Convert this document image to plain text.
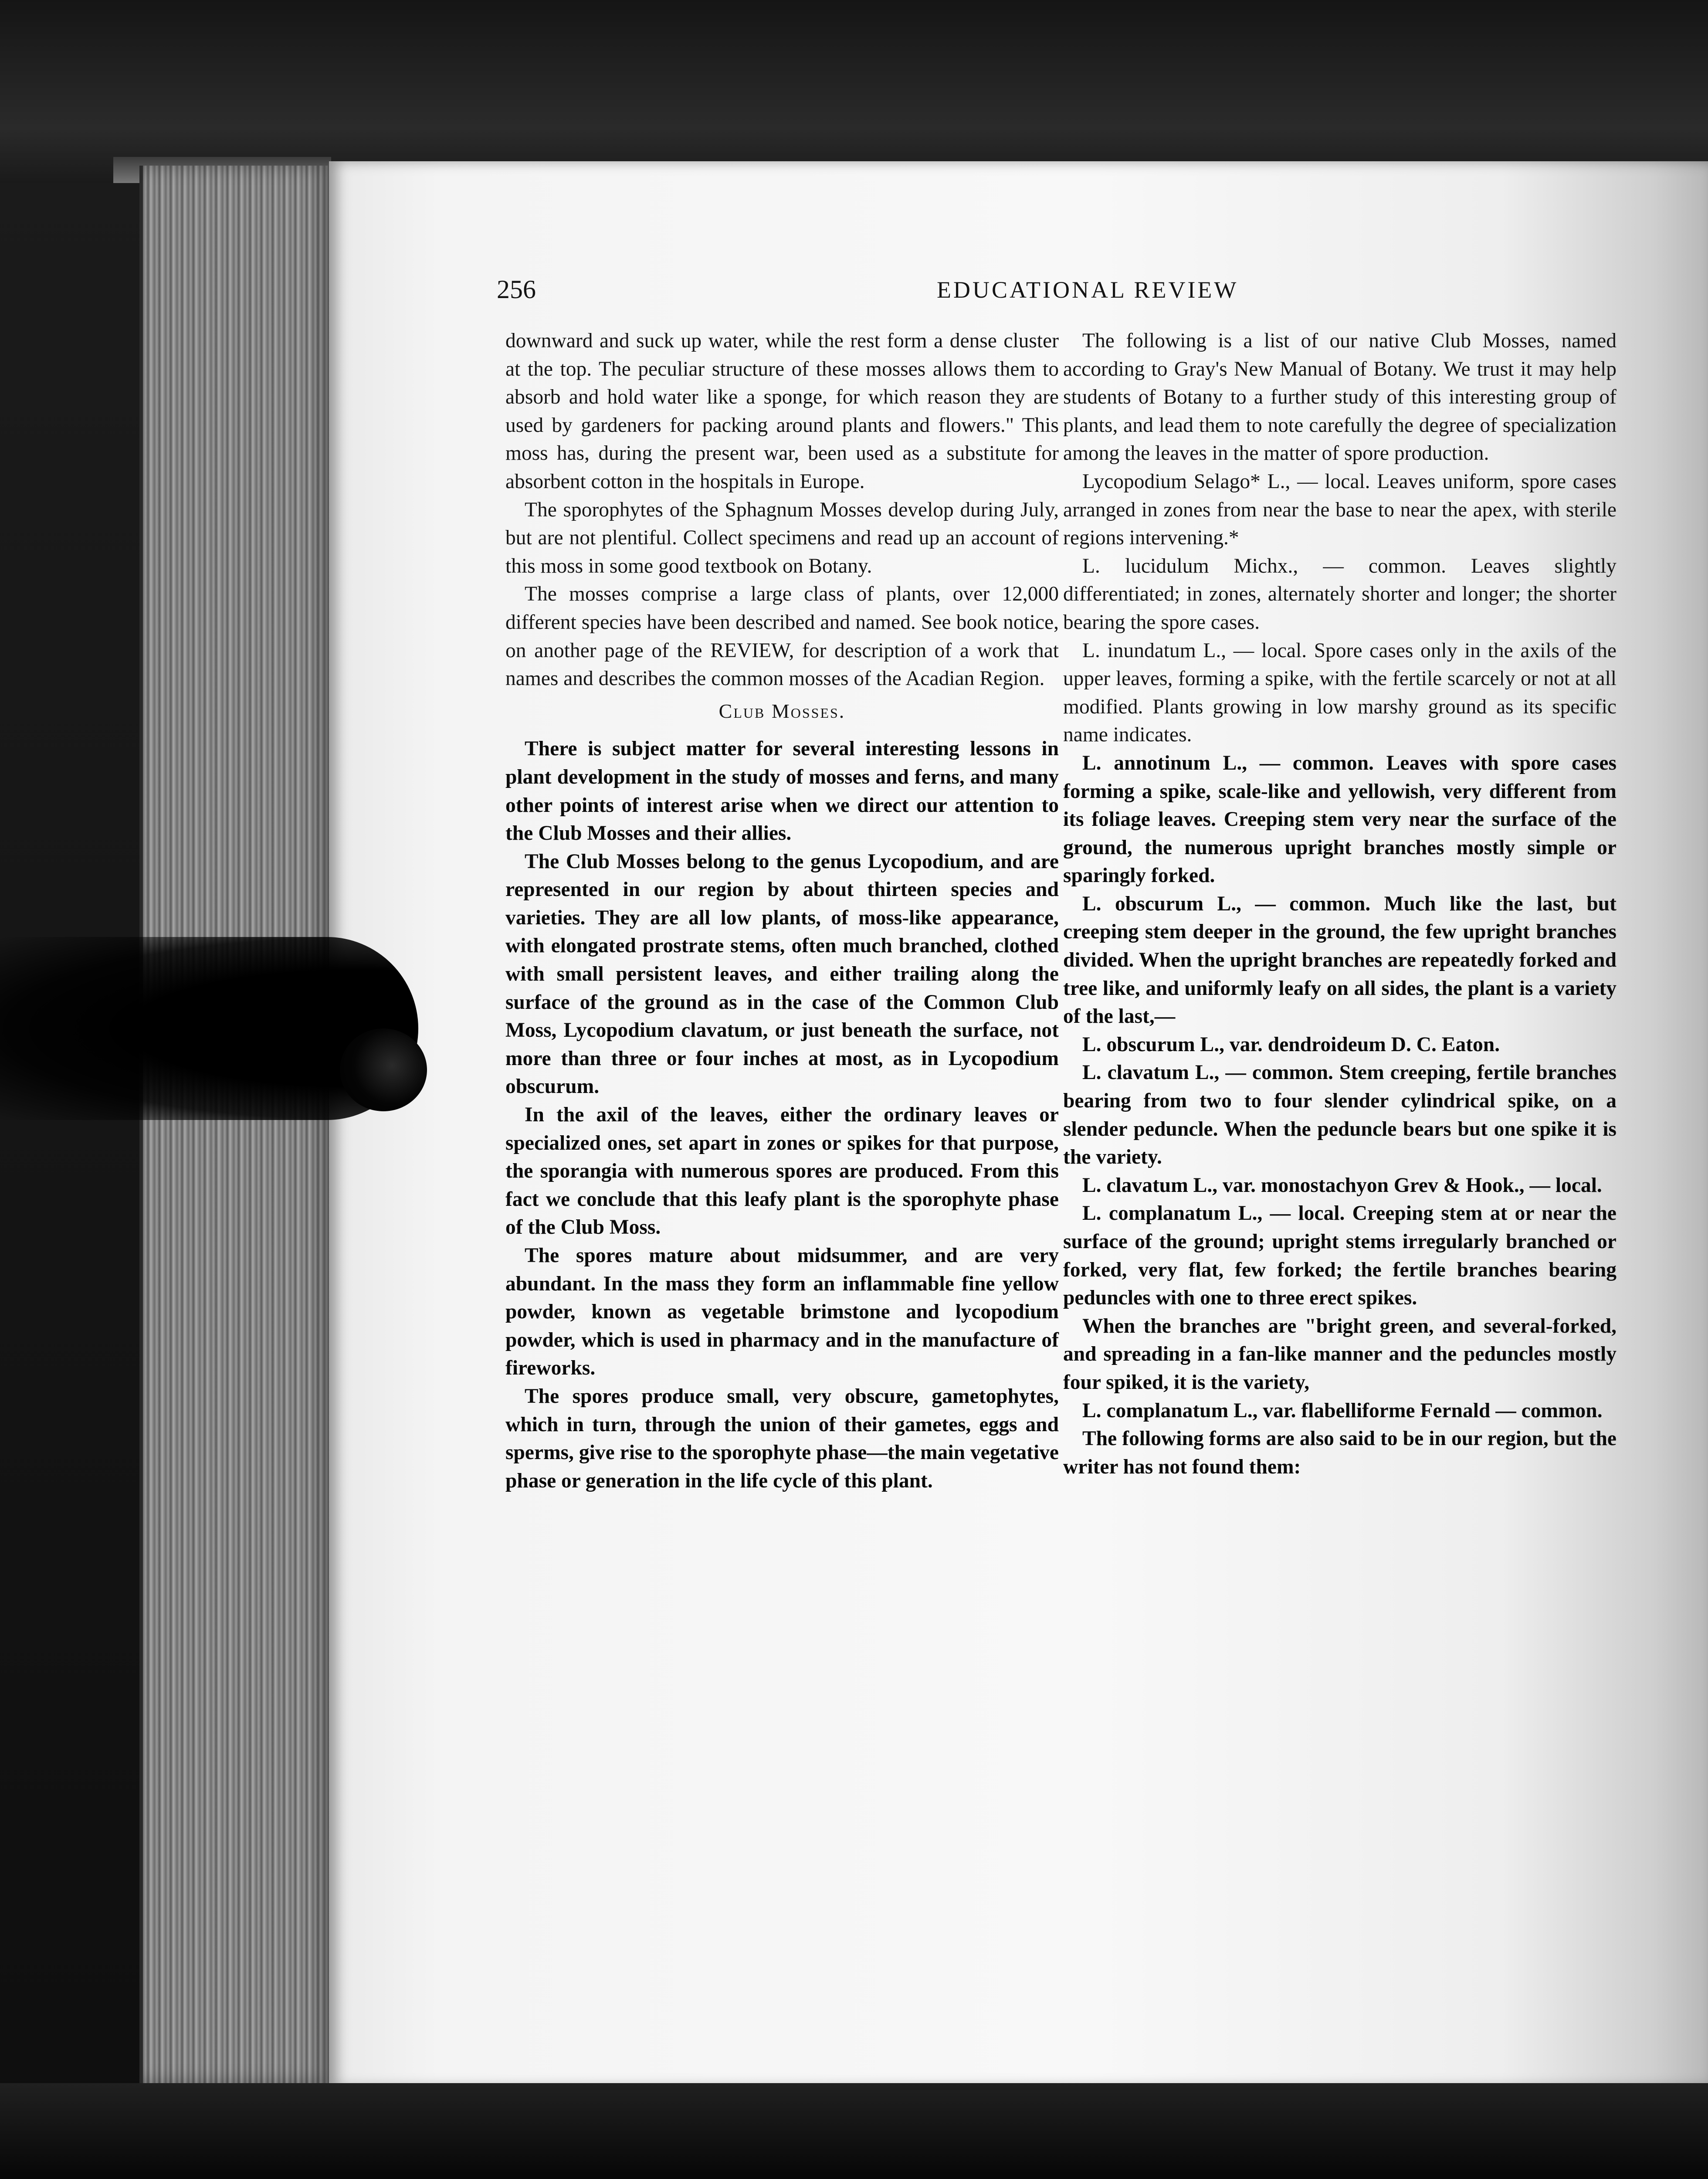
256	EDUCATIONAL REVIEW

downward and suck up water, while the rest form a dense cluster at the top. The peculiar structure of these mosses allows them to absorb and hold water like a sponge, for which reason they are used by gardeners for packing around plants and flowers." This moss has, during the present war, been used as a substitute for absorbent cotton in the hospitals in Europe.

The sporophytes of the Sphagnum Mosses develop during July, but are not plentiful. Collect specimens and read up an account of this moss in some good textbook on Botany.

The mosses comprise a large class of plants, over 12,000 different species have been described and named. See book notice, on another page of the REVIEW, for description of a work that names and describes the common mosses of the Acadian Region.

Club Mosses.

There is subject matter for several interesting lessons in plant development in the study of mosses and ferns, and many other points of interest arise when we direct our attention to the Club Mosses and their allies.

The Club Mosses belong to the genus Lycopodium, and are represented in our region by about thirteen species and varieties. They are all low plants, of moss-like appearance, with elongated prostrate stems, often much branched, clothed with small persistent leaves, and either trailing along the surface of the ground as in the case of the Common Club Moss, Lycopodium clavatum, or just beneath the surface, not more than three or four inches at most, as in Lycopodium obscurum.

In the axil of the leaves, either the ordinary leaves or specialized ones, set apart in zones or spikes for that purpose, the sporangia with numerous spores are produced. From this fact we conclude that this leafy plant is the sporophyte phase of the Club Moss.

The spores mature about midsummer, and are very abundant. In the mass they form an inflammable fine yellow powder, known as vegetable brimstone and lycopodium powder, which is used in pharmacy and in the manufacture of fireworks.

The spores produce small, very obscure, gametophytes, which in turn, through the union of their gametes, eggs and sperms, give rise to the sporophyte phase—the main vegetative phase or generation in the life cycle of this plant.

The following is a list of our native Club Mosses, named according to Gray's New Manual of Botany. We trust it may help students of Botany to a further study of this interesting group of plants, and lead them to note carefully the degree of specialization among the leaves in the matter of spore production.

Lycopodium Selago* L., — local. Leaves uniform, spore cases arranged in zones from near the base to near the apex, with sterile regions intervening.*

L. lucidulum Michx., — common. Leaves slightly differentiated; in zones, alternately shorter and longer; the shorter bearing the spore cases.

L. inundatum L., — local. Spore cases only in the axils of the upper leaves, forming a spike, with the fertile scarcely or not at all modified. Plants growing in low marshy ground as its specific name indicates.

L. annotinum L., — common. Leaves with spore cases forming a spike, scale-like and yellowish, very different from its foliage leaves. Creeping stem very near the surface of the ground, the numerous upright branches mostly simple or sparingly forked.

L. obscurum L., — common. Much like the last, but creeping stem deeper in the ground, the few upright branches divided. When the upright branches are repeatedly forked and tree like, and uniformly leafy on all sides, the plant is a variety of the last,—

L. obscurum L., var. dendroideum D. C. Eaton.

L. clavatum L., — common. Stem creeping, fertile branches bearing from two to four slender cylindrical spike, on a slender peduncle. When the peduncle bears but one spike it is the variety.

L. clavatum L., var. monostachyon Grev & Hook., — local.

L. complanatum L., — local. Creeping stem at or near the surface of the ground; upright stems irregularly branched or forked, very flat, few forked; the fertile branches bearing peduncles with one to three erect spikes.

When the branches are "bright green, and several-forked, and spreading in a fan-like manner and the peduncles mostly four spiked, it is the variety,

L. complanatum L., var. flabelliforme Fernald — common.

The following forms are also said to be in our region, but the writer has not found them:
